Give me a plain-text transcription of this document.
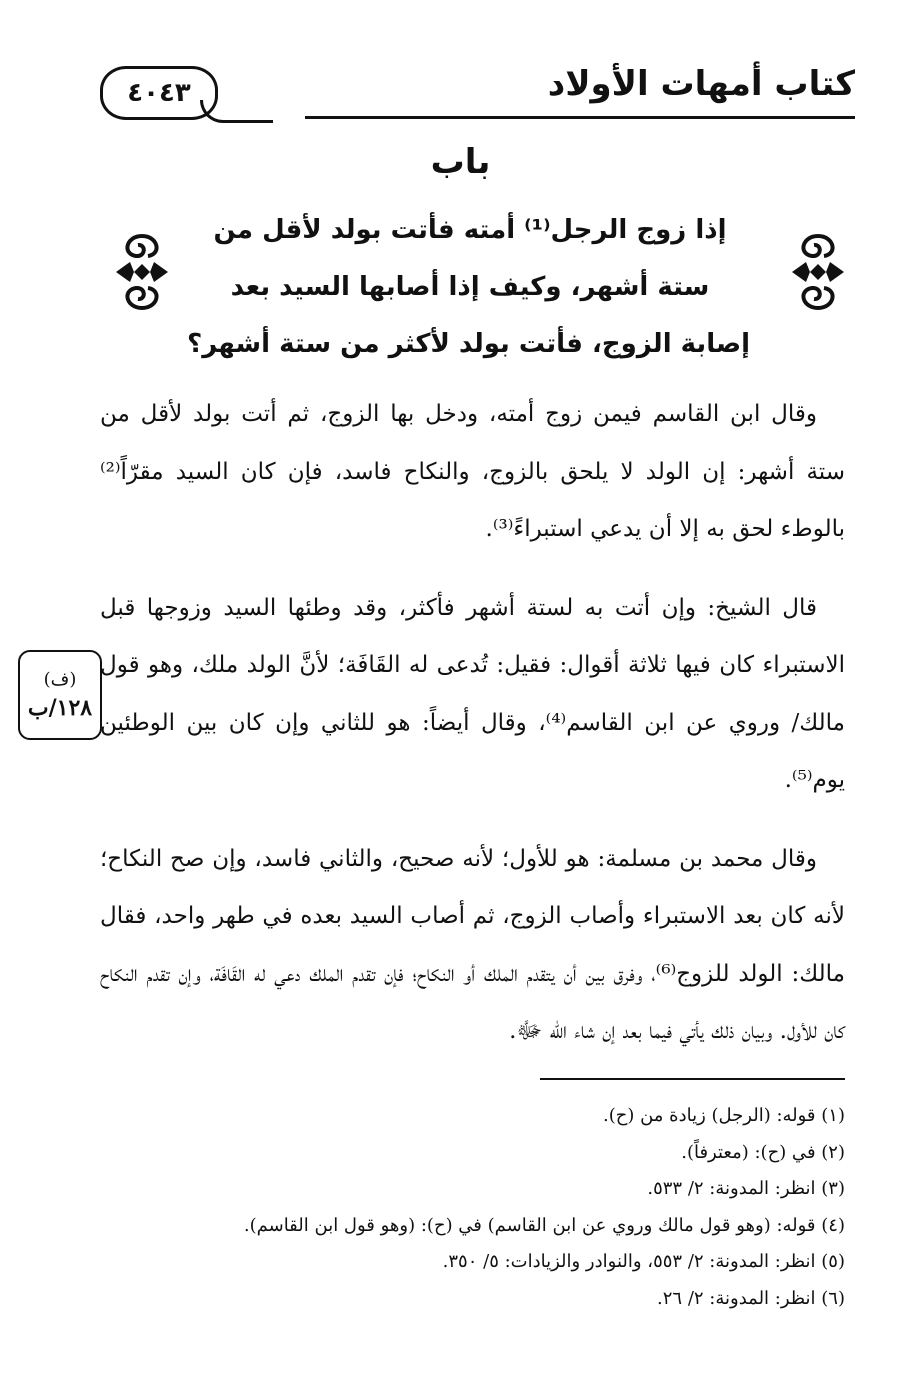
٤٠٤٣	كتاب أمهات الأولاد
باب
إذا زوج الرجل⁽¹⁾ أمته فأتت بولد لأقل من
ستة أشهر، وكيف إذا أصابها السيد بعد
إصابة الزوج، فأتت بولد لأكثر من ستة أشهر؟

وقال ابن القاسم فيمن زوج أمته، ودخل بها الزوج، ثم أتت بولد لأقل من ستة أشهر: إن الولد لا يلحق بالزوج، والنكاح فاسد، فإن كان السيد مقرّاً⁽²⁾ بالوطء لحق به إلا أن يدعي استبراءً⁽³⁾.

قال الشيخ: وإن أتت به لستة أشهر فأكثر، وقد وطئها السيد وزوجها قبل الاستبراء كان فيها ثلاثة أقوال: فقيل: تُدعى له القَافَة؛ لأنَّ الولد ملك، وهو قول مالك/ وروي عن ابن القاسم⁽⁴⁾، وقال أيضاً: هو للثاني وإن كان بين الوطئين يوم⁽⁵⁾.

وقال محمد بن مسلمة: هو للأول؛ لأنه صحيح، والثاني فاسد، وإن صح النكاح؛ لأنه كان بعد الاستبراء وأصاب الزوج، ثم أصاب السيد بعده في طهر واحد، فقال مالك: الولد للزوج⁽⁶⁾، وفرق بين أن يتقدم الملك أو النكاح؛ فإن تقدم الملك دعي له القَافَة، وإن تقدم النكاح كان للأول. وبيان ذلك يأتي فيما بعد إن شاء الله ﷻ.

(ف)
١٢٨/ب
(١) قوله: (الرجل) زيادة من (ح).
(٢) في (ح): (معترفاً).
(٣) انظر: المدونة: ٢/ ٥٣٣.
(٤) قوله: (وهو قول مالك وروي عن ابن القاسم) في (ح): (وهو قول ابن القاسم).
(٥) انظر: المدونة: ٢/ ٥٥٣، والنوادر والزيادات: ٥/ ٣٥٠.
(٦) انظر: المدونة: ٢/ ٢٦.
